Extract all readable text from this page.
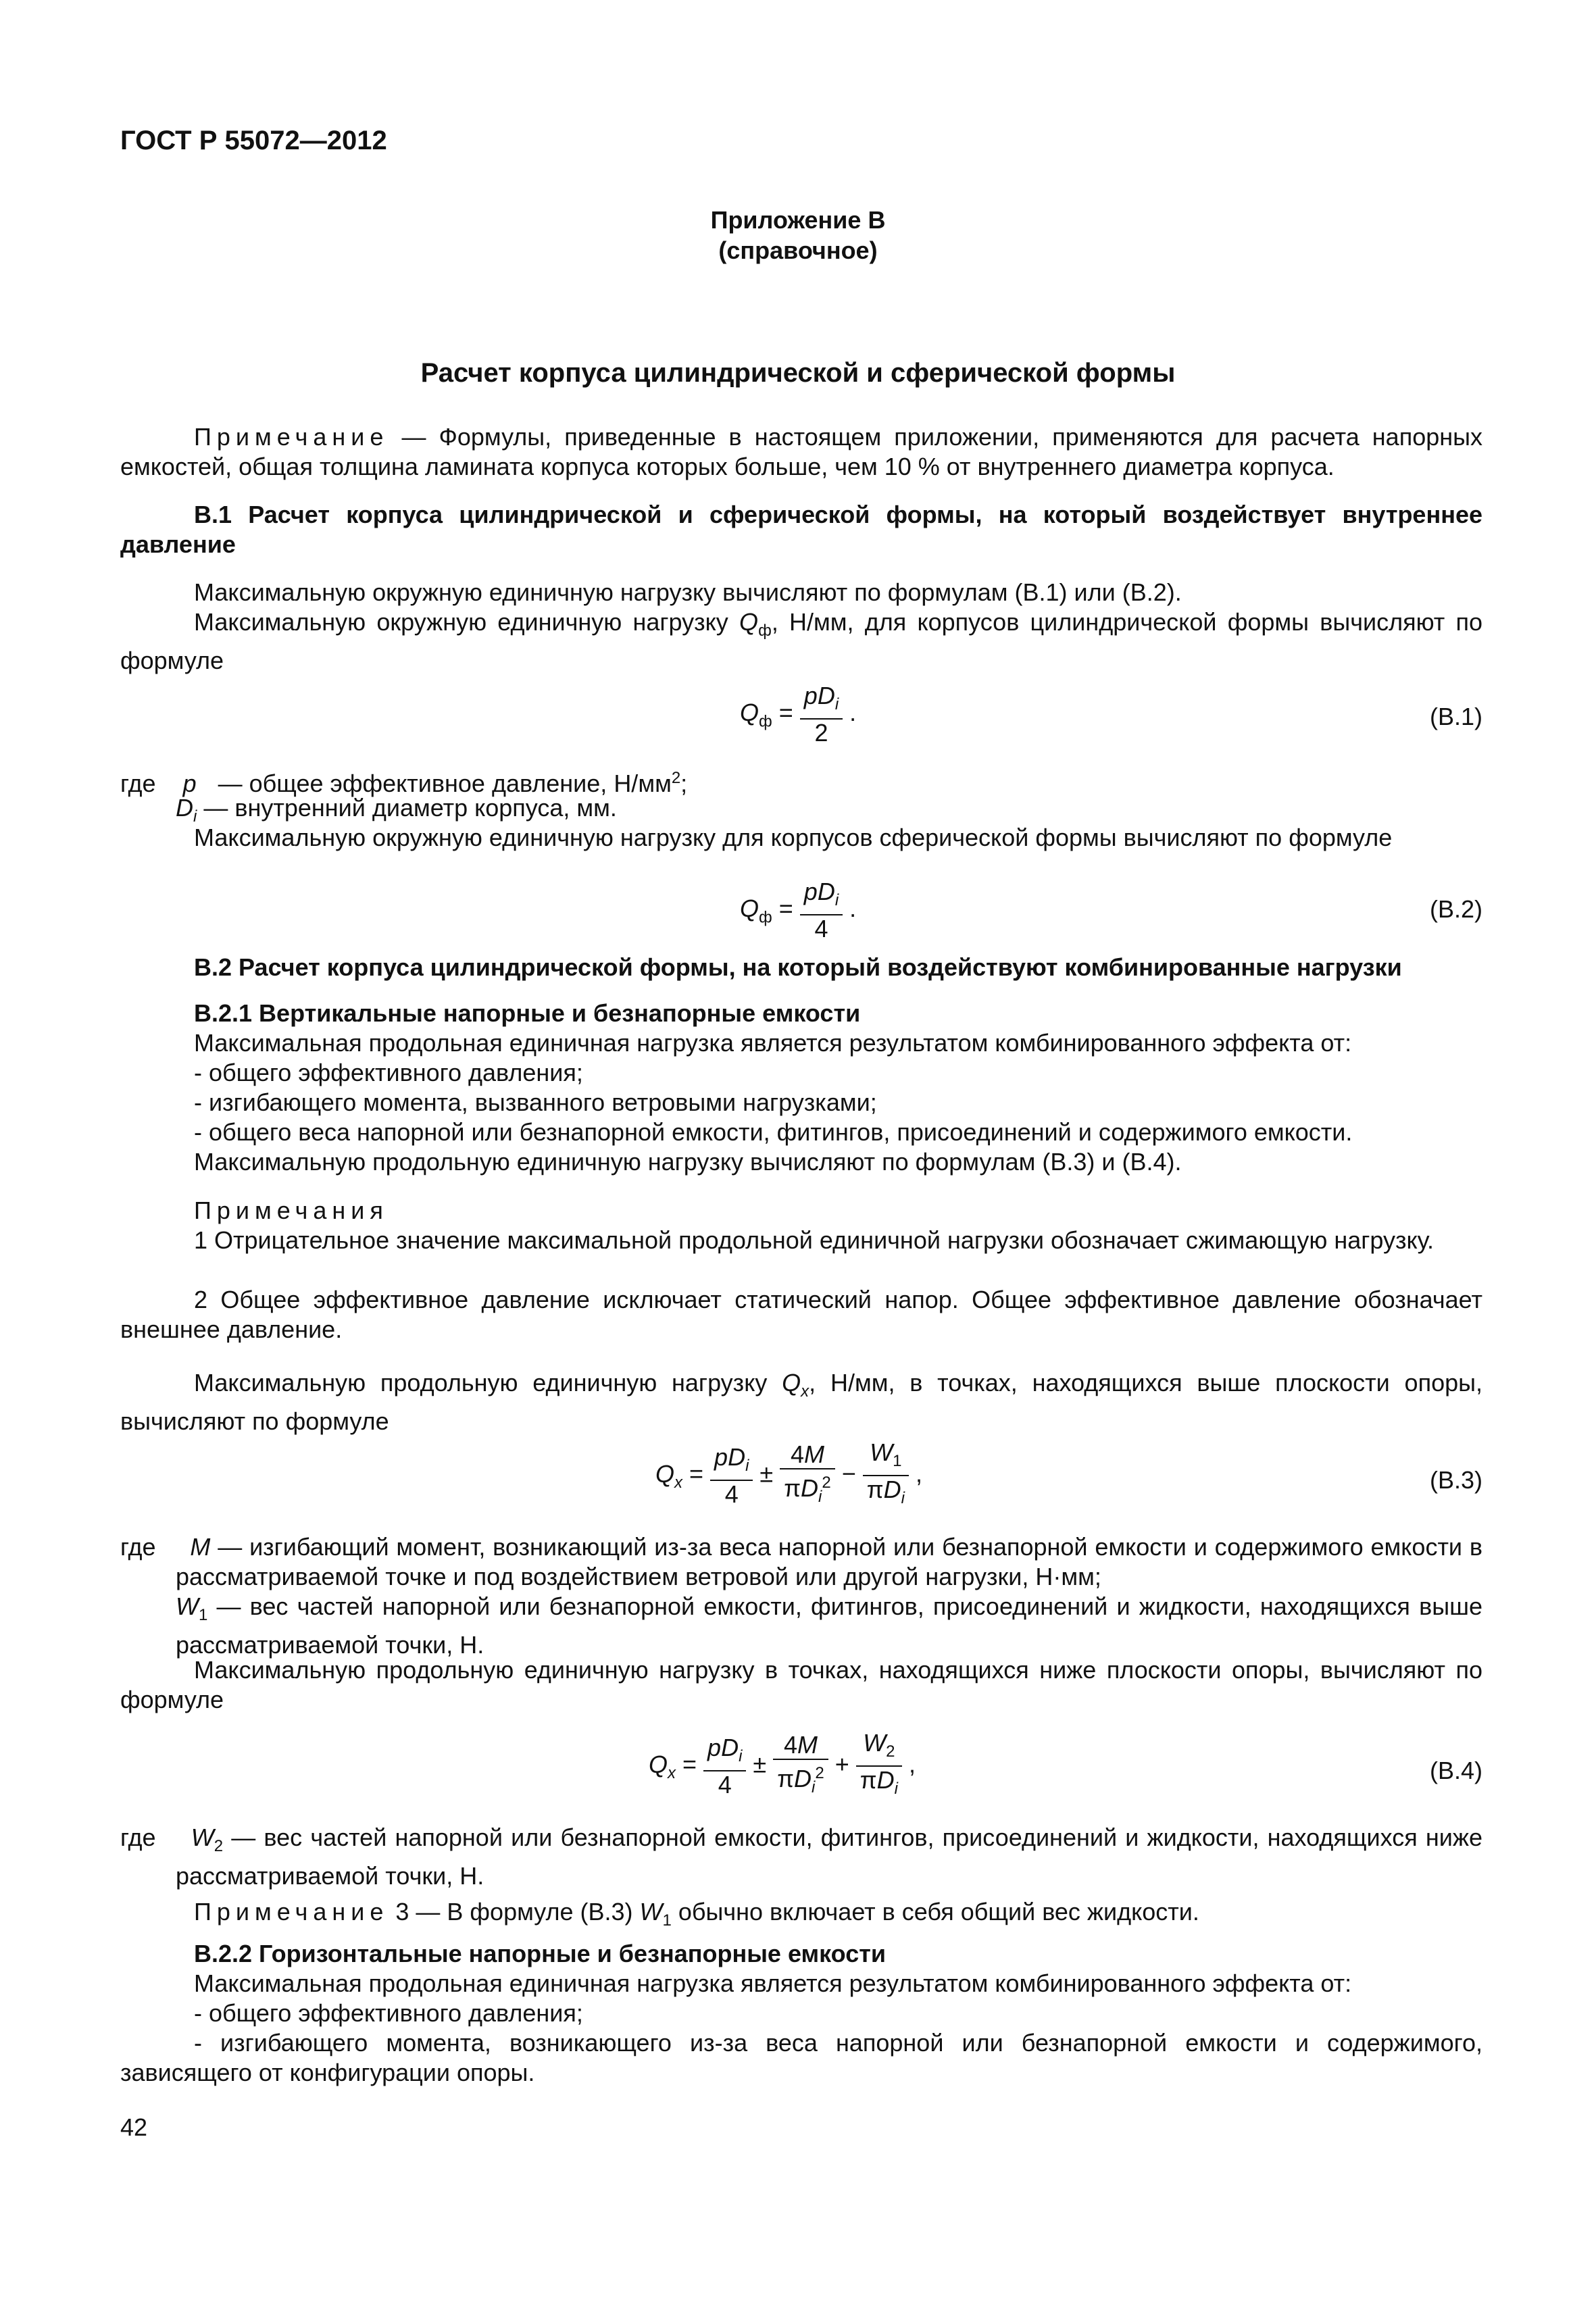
ГОСТ Р 55072—2012
Приложение В
(справочное)
Расчет корпуса цилиндрической и сферической формы
Примечание — Формулы, приведенные в настоящем приложении, применяются для расчета напорных емкостей, общая толщина ламината корпуса которых больше, чем 10 % от внутреннего диаметра корпуса.
В.1 Расчет корпуса цилиндрической и сферической формы, на который воздействует внутреннее давление
Максимальную окружную единичную нагрузку вычисляют по формулам (В.1) или (В.2).
Максимальную окружную единичную нагрузку $Q_ф$, Н/мм, для корпусов цилиндрической формы вычисляют по формуле
$Q_ф = \frac{pD_i}{2}$ .	(В.1)
где p — общее эффективное давление, $Н/мм^2$;
$D_i$ — внутренний диаметр корпуса, мм.
Максимальную окружную единичную нагрузку для корпусов сферической формы вычисляют по формуле
$Q_ф = \frac{pD_i}{4}$ .	(В.2)
В.2 Расчет корпуса цилиндрической формы, на который воздействуют комбинированные нагрузки
В.2.1 Вертикальные напорные и безнапорные емкости
Максимальная продольная единичная нагрузка является результатом комбинированного эффекта от:
- общего эффективного давления;
- изгибающего момента, вызванного ветровыми нагрузками;
- общего веса напорной или безнапорной емкости, фитингов, присоединений и содержимого емкости.
Максимальную продольную единичную нагрузку вычисляют по формулам (В.3) и (В.4).
Примечания
1 Отрицательное значение максимальной продольной единичной нагрузки обозначает сжимающую нагрузку.
2 Общее эффективное давление исключает статический напор. Общее эффективное давление обозначает внешнее давление.
Максимальную продольную единичную нагрузку $Q_x$, Н/мм, в точках, находящихся выше плоскости опоры, вычисляют по формуле
$Q_x = \frac{pD_i}{4} \pm \frac{4M}{\pi D_i^2} - \frac{W_1}{\pi D_i}$ ,	(В.3)
где M — изгибающий момент, возникающий из-за веса напорной или безнапорной емкости и содержимого емкости в рассматриваемой точке и под воздействием ветровой или другой нагрузки, Н·мм;
$W_1$ — вес частей напорной или безнапорной емкости, фитингов, присоединений и жидкости, находящихся выше рассматриваемой точки, Н.
Максимальную продольную единичную нагрузку в точках, находящихся ниже плоскости опоры, вычисляют по формуле
$Q_x = \frac{pD_i}{4} \pm \frac{4M}{\pi D_i^2} + \frac{W_2}{\pi D_i}$ ,	(В.4)
где $W_2$ — вес частей напорной или безнапорной емкости, фитингов, присоединений и жидкости, находящихся ниже рассматриваемой точки, Н.
Примечание 3 — В формуле (В.3) $W_1$ обычно включает в себя общий вес жидкости.
В.2.2 Горизонтальные напорные и безнапорные емкости
Максимальная продольная единичная нагрузка является результатом комбинированного эффекта от:
- общего эффективного давления;
- изгибающего момента, возникающего из-за веса напорной или безнапорной емкости и содержимого, зависящего от конфигурации опоры.
42
